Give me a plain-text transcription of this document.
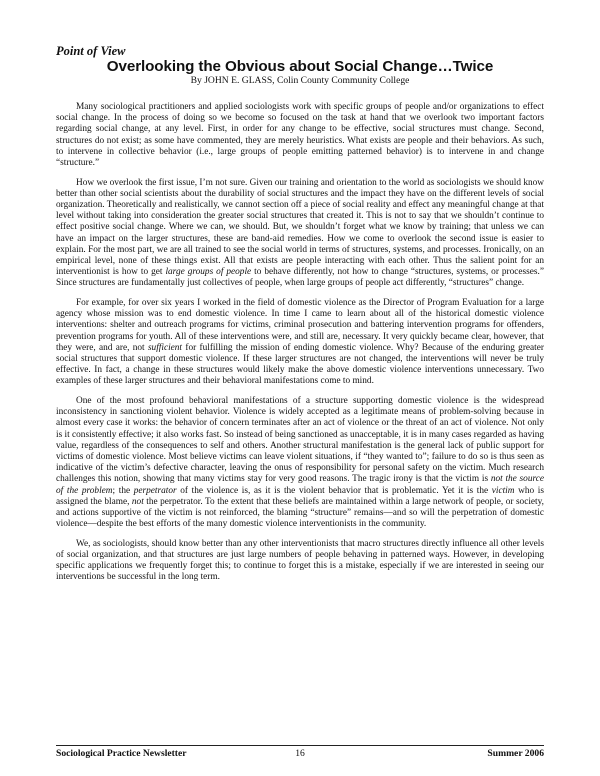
Point of View

Overlooking the Obvious about Social Change…Twice

By JOHN E. GLASS, Colin County Community College

Many sociological practitioners and applied sociologists work with specific groups of people and/or organizations to effect social change. In the process of doing so we become so focused on the task at hand that we overlook two important factors regarding social change, at any level. First, in order for any change to be effective, social structures must change. Second, structures do not exist; as some have commented, they are merely heuristics. What exists are people and their behaviors. As such, to intervene in collective behavior (i.e., large groups of people emitting patterned behavior) is to intervene in and change “structure.”

How we overlook the first issue, I’m not sure. Given our training and orientation to the world as sociologists we should know better than other social scientists about the durability of social structures and the impact they have on the different levels of social organization. Theoretically and realistically, we cannot section off a piece of social reality and effect any meaningful change at that level without taking into consideration the greater social structures that created it. This is not to say that we shouldn’t continue to effect positive social change. Where we can, we should. But, we shouldn’t forget what we know by training; that unless we can have an impact on the larger structures, these are band-aid remedies. How we come to overlook the second issue is easier to explain. For the most part, we are all trained to see the social world in terms of structures, systems, and processes. Ironically, on an empirical level, none of these things exist. All that exists are people interacting with each other. Thus the salient point for an interventionist is how to get large groups of people to behave differently, not how to change “structures, systems, or processes.” Since structures are fundamentally just collectives of people, when large groups of people act differently, “structures” change.

For example, for over six years I worked in the field of domestic violence as the Director of Program Evaluation for a large agency whose mission was to end domestic violence. In time I came to learn about all of the historical domestic violence interventions: shelter and outreach programs for victims, criminal prosecution and battering intervention programs for offenders, prevention programs for youth. All of these interventions were, and still are, necessary. It very quickly became clear, however, that they were, and are, not sufficient for fulfilling the mission of ending domestic violence. Why? Because of the enduring greater social structures that support domestic violence. If these larger structures are not changed, the interventions will never be truly effective. In fact, a change in these structures would likely make the above domestic violence interventions unnecessary. Two examples of these larger structures and their behavioral manifestations come to mind.

One of the most profound behavioral manifestations of a structure supporting domestic violence is the widespread inconsistency in sanctioning violent behavior. Violence is widely accepted as a legitimate means of problem-solving because in almost every case it works: the behavior of concern terminates after an act of violence or the threat of an act of violence. Not only is it consistently effective; it also works fast. So instead of being sanctioned as unacceptable, it is in many cases regarded as having value, regardless of the consequences to self and others. Another structural manifestation is the general lack of public support for victims of domestic violence. Most believe victims can leave violent situations, if “they wanted to”; failure to do so is thus seen as indicative of the victim’s defective character, leaving the onus of responsibility for personal safety on the victim. Much research challenges this notion, showing that many victims stay for very good reasons. The tragic irony is that the victim is not the source of the problem; the perpetrator of the violence is, as it is the violent behavior that is problematic. Yet it is the victim who is assigned the blame, not the perpetrator. To the extent that these beliefs are maintained within a large network of people, or society, and actions supportive of the victim is not reinforced, the blaming “structure” remains—and so will the perpetration of domestic violence—despite the best efforts of the many domestic violence interventionists in the community.

We, as sociologists, should know better than any other interventionists that macro structures directly influence all other levels of social organization, and that structures are just large numbers of people behaving in patterned ways. However, in developing specific applications we frequently forget this; to continue to forget this is a mistake, especially if we are interested in seeing our interventions be successful in the long term.

Sociological Practice Newsletter	16	Summer 2006
